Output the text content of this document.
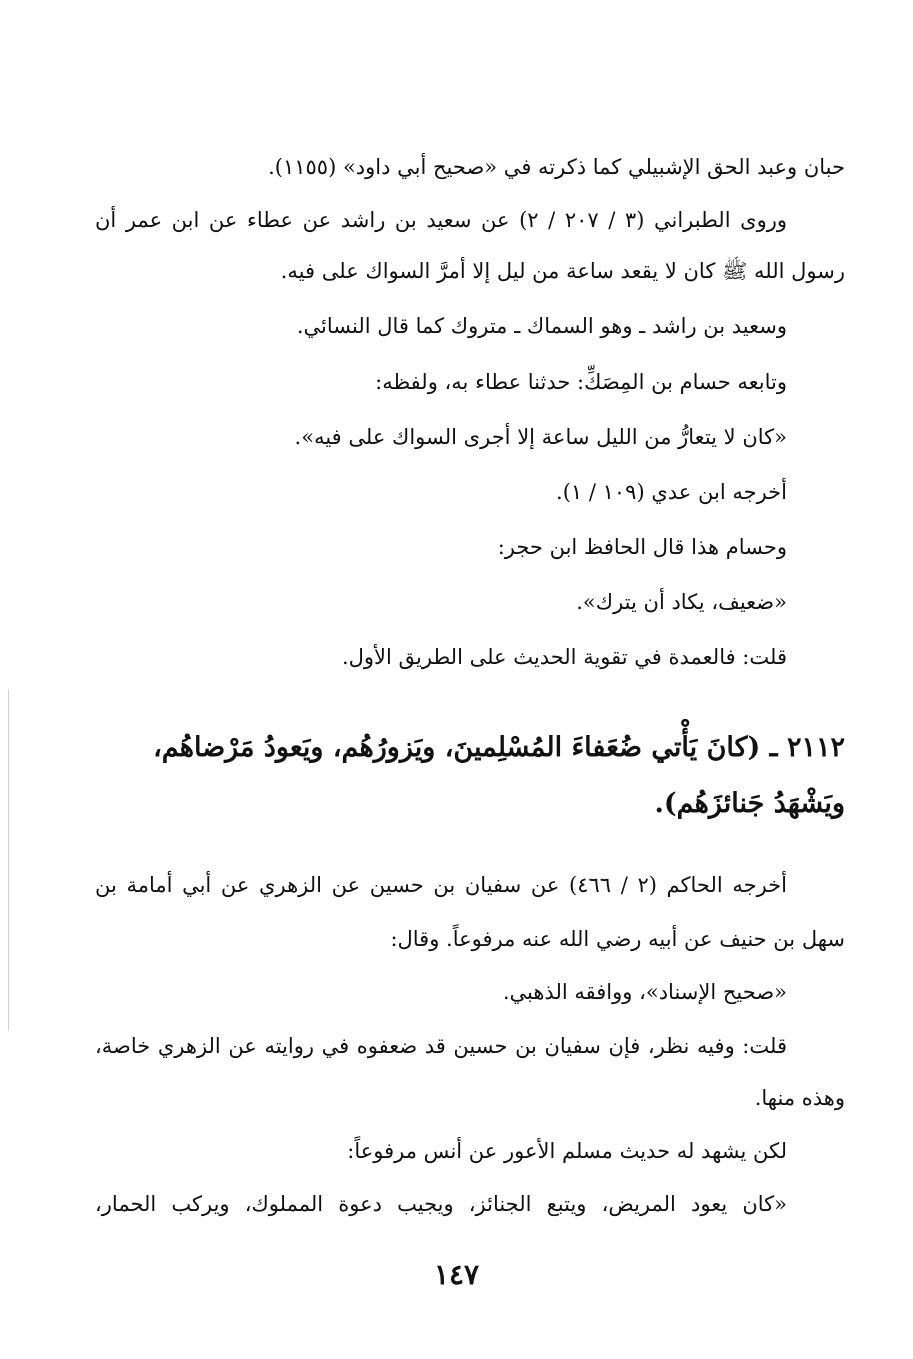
حبان وعبد الحق الإشبيلي كما ذكرته في «صحيح أبي داود» (١١٥٥).
وروى الطبراني (٣ / ٢٠٧ / ٢) عن سعيد بن راشد عن عطاء عن ابن عمر أن
رسول الله ﷺ كان لا يقعد ساعة من ليل إلا أمرَّ السواك على فيه.
وسعيد بن راشد ـ وهو السماك ـ متروك كما قال النسائي.
وتابعه حسام بن المِصَكِّ: حدثنا عطاء به، ولفظه:
«كان لا يتعارُّ من الليل ساعة إلا أجرى السواك على فيه».
أخرجه ابن عدي (١٠٩ / ١).
وحسام هذا قال الحافظ ابن حجر:
«ضعيف، يكاد أن يترك».
قلت: فالعمدة في تقوية الحديث على الطريق الأول.
٢١١٢ ـ (كانَ يَأْتي ضُعَفاءَ المُسْلِمينَ، ويَزورُهُم، ويَعودُ مَرْضاهُم،
ويَشْهَدُ جَنائزَهُم).
أخرجه الحاكم (٢ / ٤٦٦) عن سفيان بن حسين عن الزهري عن أبي أمامة بن
سهل بن حنيف عن أبيه رضي الله عنه مرفوعاً. وقال:
«صحيح الإسناد»، ووافقه الذهبي.
قلت: وفيه نظر، فإن سفيان بن حسين قد ضعفوه في روايته عن الزهري خاصة،
وهذه منها.
لكن يشهد له حديث مسلم الأعور عن أنس مرفوعاً:
«كان يعود المريض، ويتبع الجنائز، ويجيب دعوة المملوك، ويركب الحمار،
١٤٧
